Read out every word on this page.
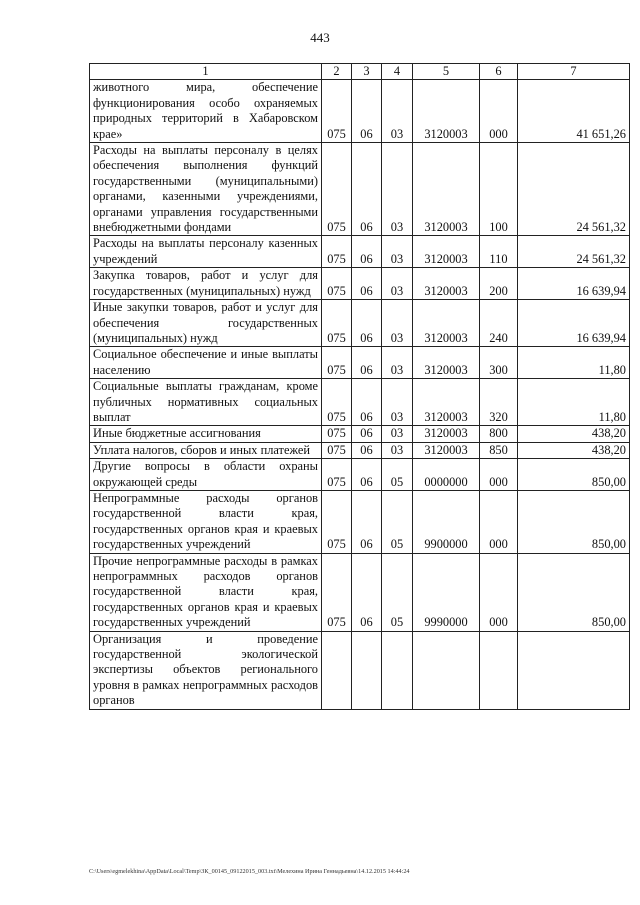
443
1	2	3	4	5	6	7
животного мира, обеспечение функционирования особо охраняемых природных территорий в Хабаровском крае»	075	06	03	3120003	000	41 651,26
Расходы на выплаты персоналу в целях обеспечения выполнения функций государственными (муниципальными) органами, казенными учреждениями, органами управления государственными внебюджетными фондами	075	06	03	3120003	100	24 561,32
Расходы на выплаты персоналу казенных учреждений	075	06	03	3120003	110	24 561,32
Закупка товаров, работ и услуг для государственных (муниципальных) нужд	075	06	03	3120003	200	16 639,94
Иные закупки товаров, работ и услуг для обеспечения государственных (муниципальных) нужд	075	06	03	3120003	240	16 639,94
Социальное обеспечение и иные выплаты населению	075	06	03	3120003	300	11,80
Социальные выплаты гражданам, кроме публичных нормативных социальных выплат	075	06	03	3120003	320	11,80
Иные бюджетные ассигнования	075	06	03	3120003	800	438,20
Уплата налогов, сборов и иных платежей	075	06	03	3120003	850	438,20
Другие вопросы в области охраны окружающей среды	075	06	05	0000000	000	850,00
Непрограммные расходы органов государственной власти края, государственных органов края и краевых государственных учреждений	075	06	05	9900000	000	850,00
Прочие непрограммные расходы в рамках непрограммных расходов органов государственной власти края, государственных органов края и краевых государственных учреждений	075	06	05	9990000	000	850,00
Организация и проведение государственной экологической экспертизы объектов регионального уровня в рамках непрограммных расходов органов						
C:\Users\egmelekhina\AppData\Local\Temp\ЗК_00145_09122015_003.txt\Мелехина Ирина Геннадьевна\14.12.2015 14:44:24
